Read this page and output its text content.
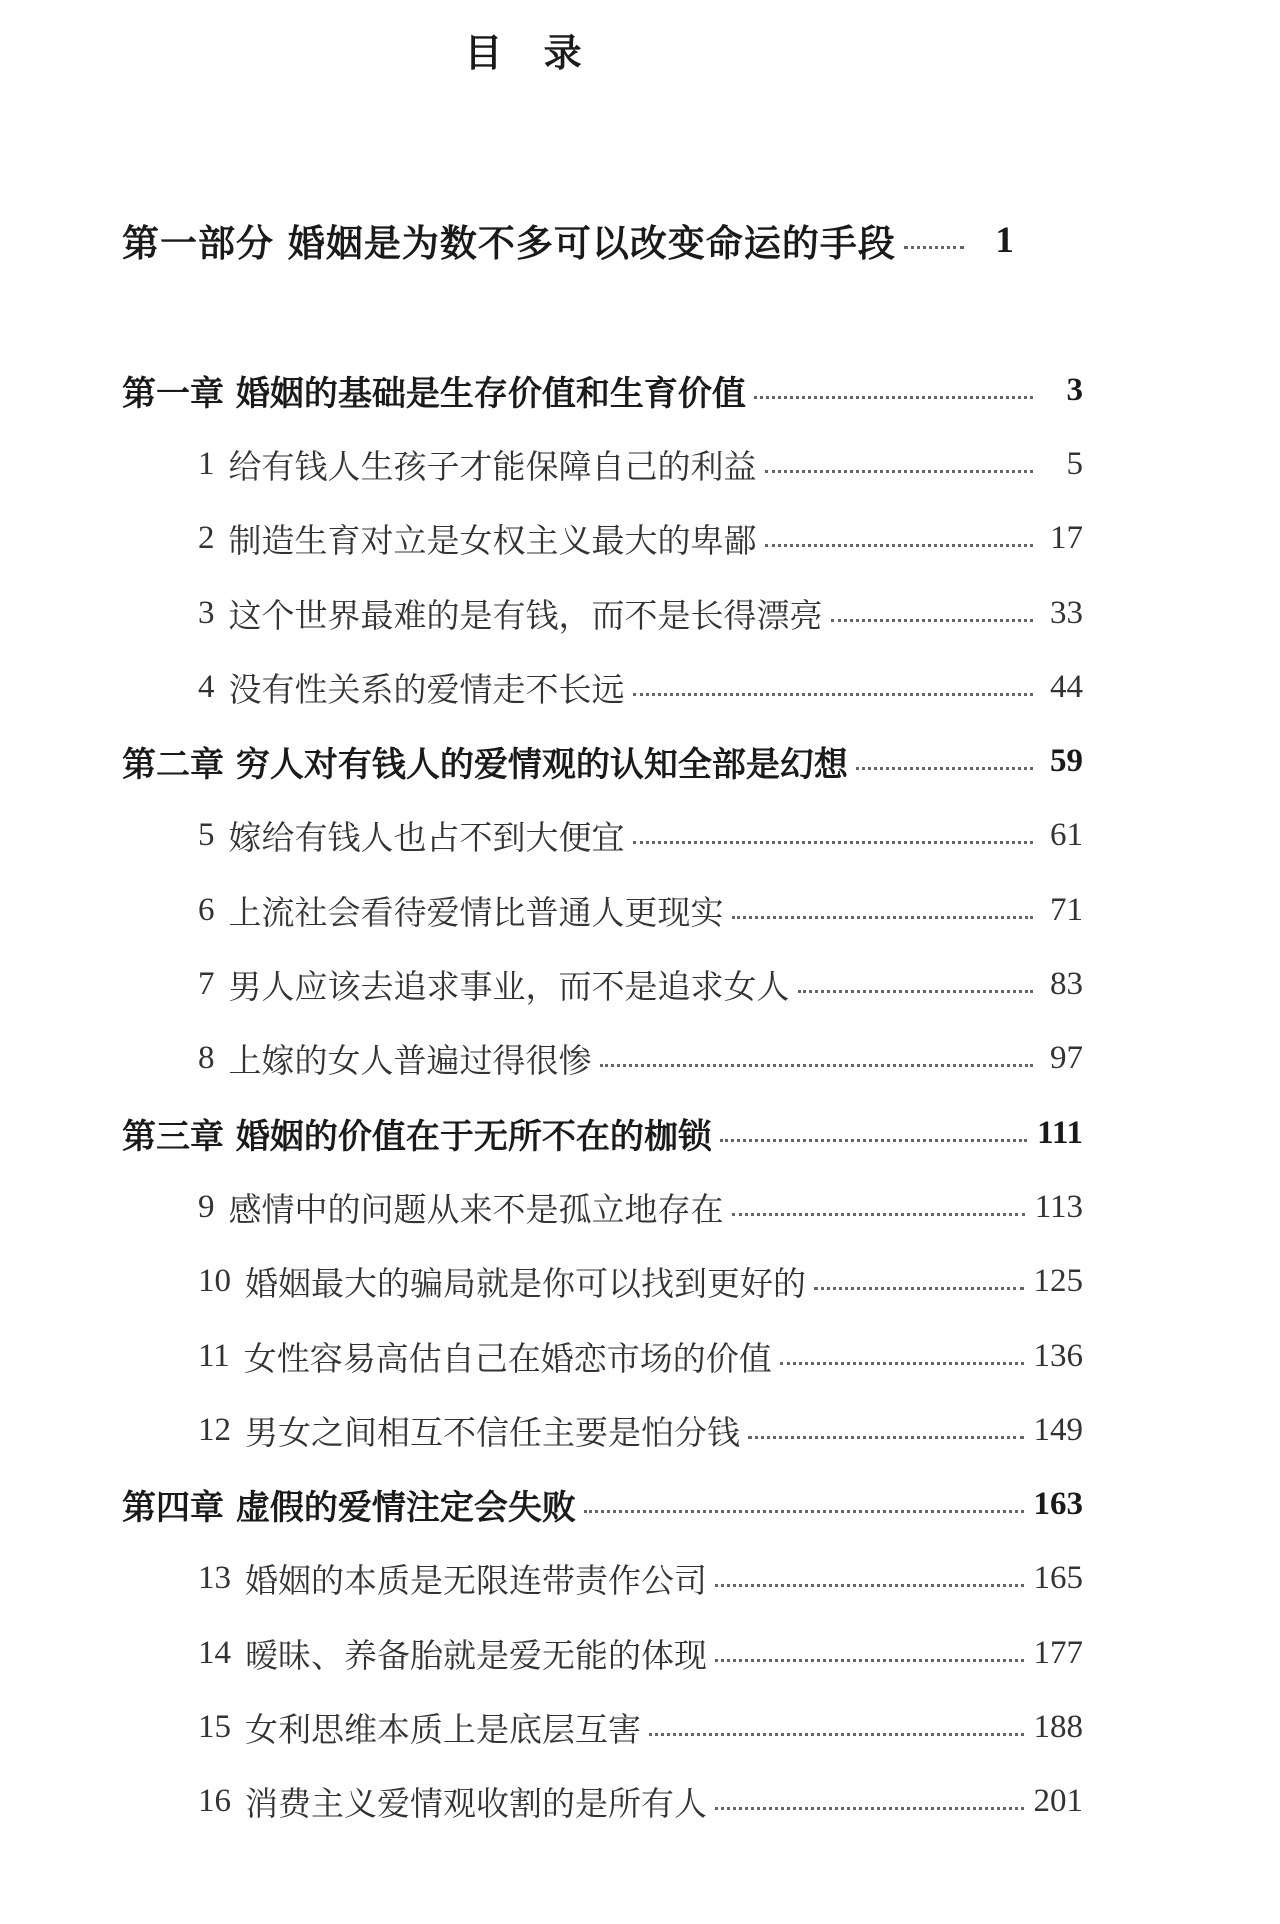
目 录
第一部分 婚姻是为数不多可以改变命运的手段	1
第一章 婚姻的基础是生存价值和生育价值	3
1 给有钱人生孩子才能保障自己的利益	5
2 制造生育对立是女权主义最大的卑鄙	17
3 这个世界最难的是有钱，而不是长得漂亮	33
4 没有性关系的爱情走不长远	44
第二章 穷人对有钱人的爱情观的认知全部是幻想	59
5 嫁给有钱人也占不到大便宜	61
6 上流社会看待爱情比普通人更现实	71
7 男人应该去追求事业，而不是追求女人	83
8 上嫁的女人普遍过得很惨	97
第三章 婚姻的价值在于无所不在的枷锁	111
9 感情中的问题从来不是孤立地存在	113
10 婚姻最大的骗局就是你可以找到更好的	125
11 女性容易高估自己在婚恋市场的价值	136
12 男女之间相互不信任主要是怕分钱	149
第四章 虚假的爱情注定会失败	163
13 婚姻的本质是无限连带责作公司	165
14 暧昧、养备胎就是爱无能的体现	177
15 女利思维本质上是底层互害	188
16 消费主义爱情观收割的是所有人	201
